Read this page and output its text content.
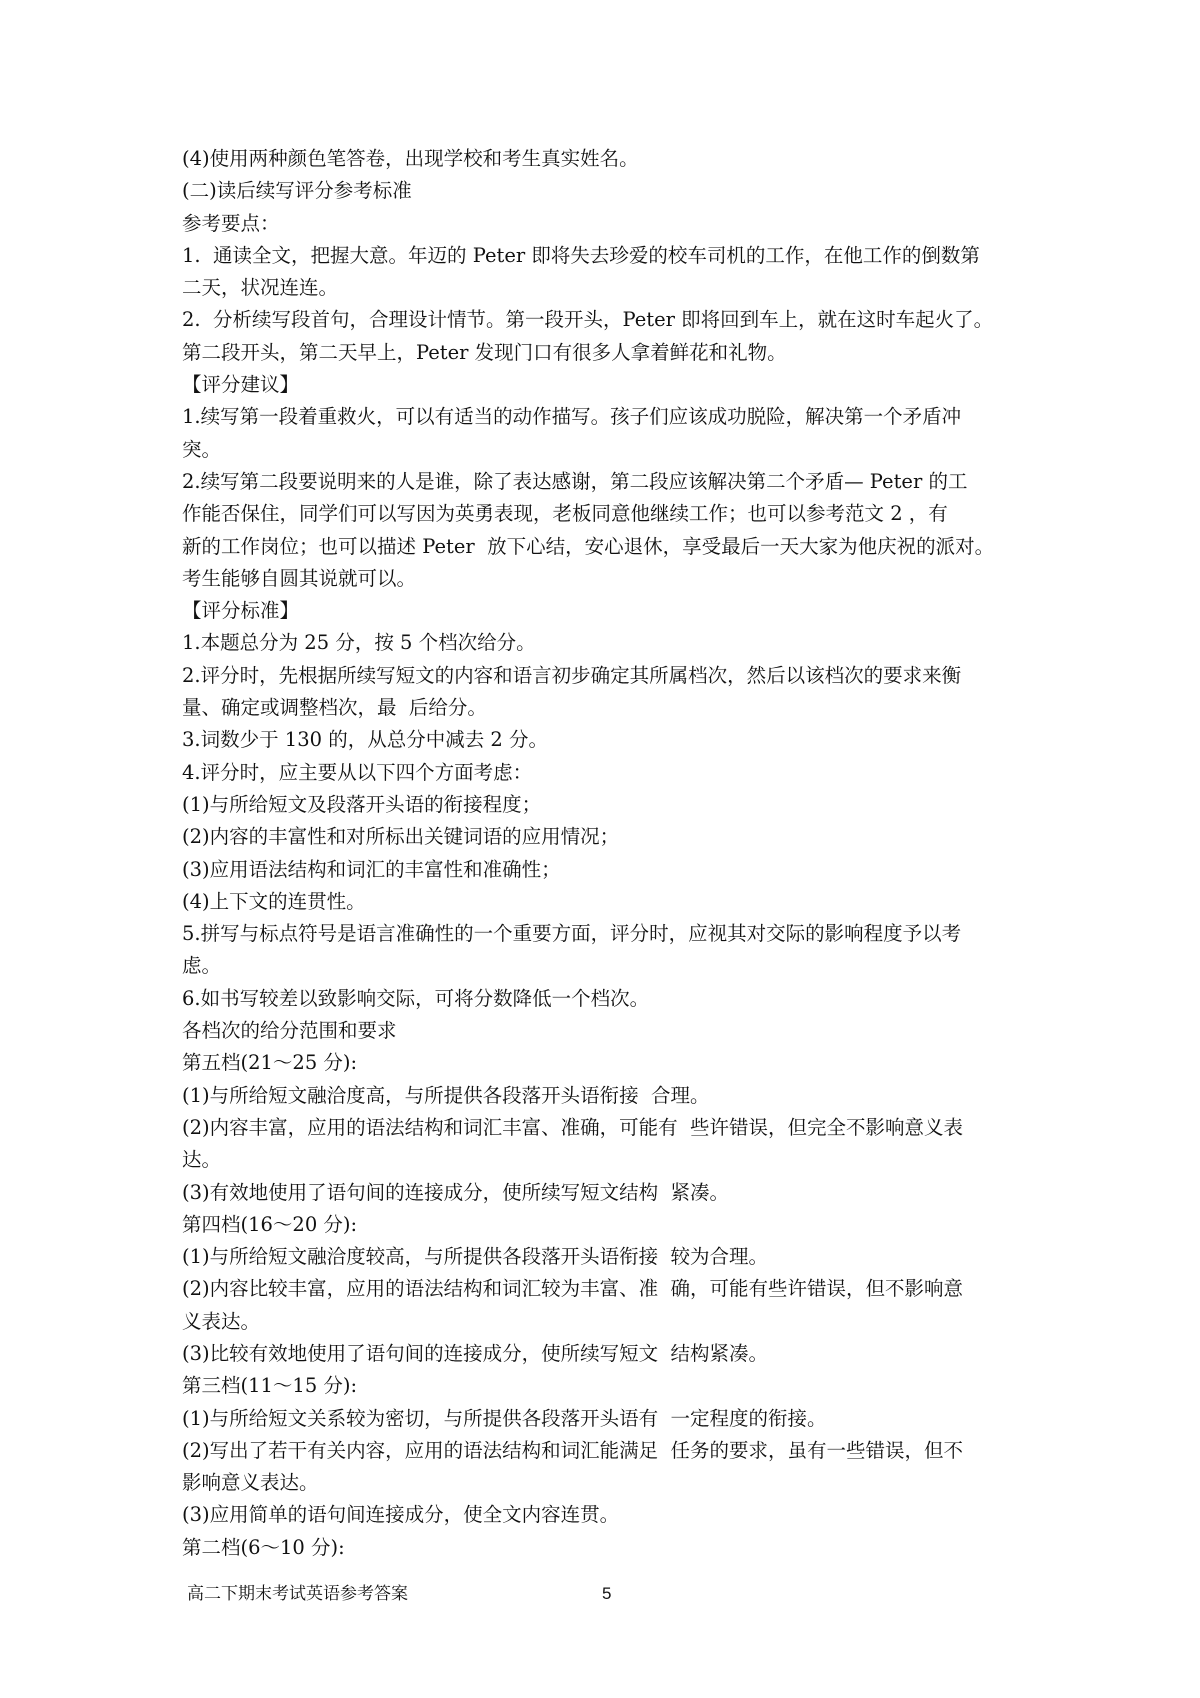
(4)使用两种颜色笔答卷，出现学校和考生真实姓名。

(二)读后续写评分参考标准

参考要点：

1.  通读全文，把握大意。年迈的 Peter 即将失去珍爱的校车司机的工作，在他工作的倒数第

二天，状况连连。

2.  分析续写段首句，合理设计情节。第一段开头，Peter 即将回到车上，就在这时车起火了。

第二段开头，第二天早上，Peter 发现门口有很多人拿着鲜花和礼物。

【评分建议】

1.续写第一段着重救火，可以有适当的动作描写。孩子们应该成功脱险，解决第一个矛盾冲

突。

2.续写第二段要说明来的人是谁，除了表达感谢，第二段应该解决第二个矛盾— Peter 的工

作能否保住，同学们可以写因为英勇表现，老板同意他继续工作；也可以参考范文 2 ，有

新的工作岗位；也可以描述 Peter  放下心结，安心退休，享受最后一天大家为他庆祝的派对。

考生能够自圆其说就可以。

【评分标准】

1.本题总分为 25 分，按 5 个档次给分。

2.评分时，先根据所续写短文的内容和语言初步确定其所属档次，然后以该档次的要求来衡

量、确定或调整档次，最  后给分。

3.词数少于 130 的，从总分中减去 2 分。

4.评分时，应主要从以下四个方面考虑：

(1)与所给短文及段落开头语的衔接程度；

(2)内容的丰富性和对所标出关键词语的应用情况；

(3)应用语法结构和词汇的丰富性和准确性；

(4)上下文的连贯性。

5.拼写与标点符号是语言准确性的一个重要方面，评分时，应视其对交际的影响程度予以考

虑。

6.如书写较差以致影响交际，可将分数降低一个档次。

各档次的给分范围和要求

第五档(21～25 分):

(1)与所给短文融洽度高，与所提供各段落开头语衔接  合理。

(2)内容丰富，应用的语法结构和词汇丰富、准确，可能有  些许错误，但完全不影响意义表

达。

(3)有效地使用了语句间的连接成分，使所续写短文结构  紧凑。

第四档(16～20 分):

(1)与所给短文融洽度较高，与所提供各段落开头语衔接  较为合理。

(2)内容比较丰富，应用的语法结构和词汇较为丰富、准  确，可能有些许错误，但不影响意

义表达。

(3)比较有效地使用了语句间的连接成分，使所续写短文  结构紧凑。

第三档(11～15 分):

(1)与所给短文关系较为密切，与所提供各段落开头语有  一定程度的衔接。

(2)写出了若干有关内容，应用的语法结构和词汇能满足  任务的要求，虽有一些错误，但不

影响意义表达。

(3)应用简单的语句间连接成分，使全文内容连贯。

第二档(6～10 分):

高二下期末考试英语参考答案	5
